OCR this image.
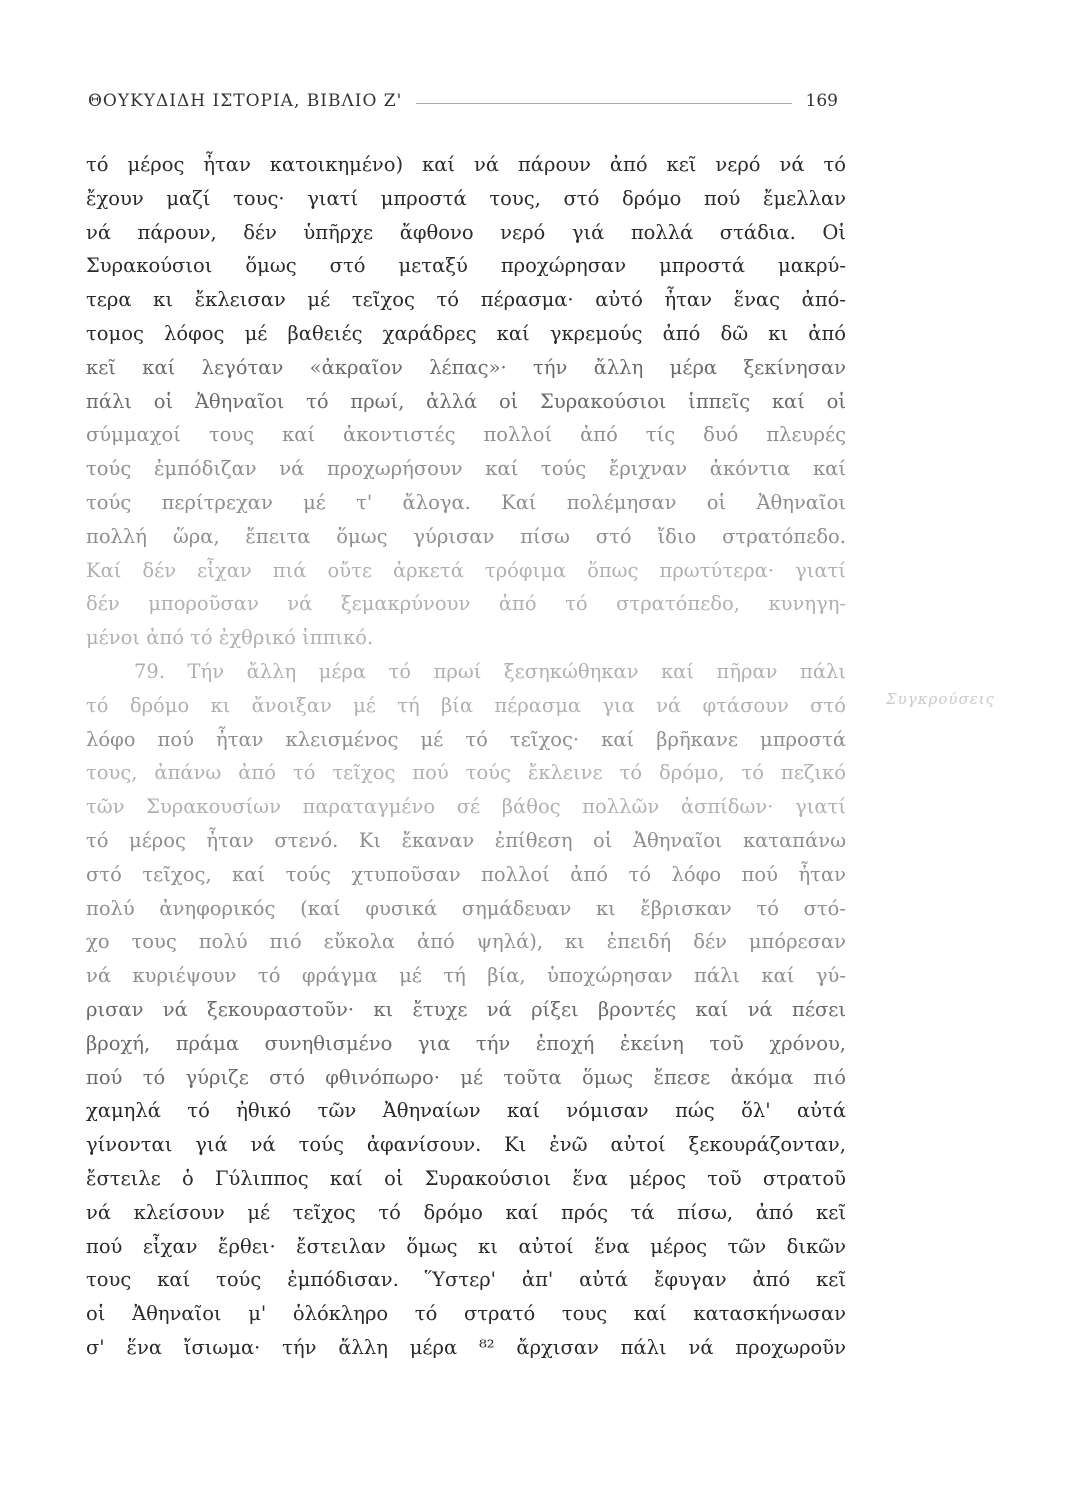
ΘΟΥΚΥΔΙΔΗ ΙΣΤΟΡΙΑ, ΒΙΒΛΙΟ Ζ'	169
Συγκρούσεις
τό μέρος ἦταν κατοικημένο) καί νά πάρουν ἀπό κεῖ νερό νά τό
ἔχουν μαζί τους· γιατί μπροστά τους, στό δρόμο πού ἔμελλαν
νά πάρουν, δέν ὑπῆρχε ἄφθονο νερό γιά πολλά στάδια. Οἱ
Συρακούσιοι ὅμως στό μεταξύ προχώρησαν μπροστά μακρύ-
τερα κι ἔκλεισαν μέ τεῖχος τό πέρασμα· αὐτό ἦταν ἕνας ἀπό-
τομος λόφος μέ βαθειές χαράδρες καί γκρεμούς ἀπό δῶ κι ἀπό
κεῖ καί λεγόταν «ἀκραῖον λέπας»· τήν ἄλλη μέρα ξεκίνησαν
πάλι οἱ Ἀθηναῖοι τό πρωί, ἀλλά οἱ Συρακούσιοι ἱππεῖς καί οἱ
σύμμαχοί τους καί ἀκοντιστές πολλοί ἀπό τίς δυό πλευρές
τούς ἐμπόδιζαν νά προχωρήσουν καί τούς ἔριχναν ἀκόντια καί
τούς περίτρεχαν μέ τ' ἄλογα. Καί πολέμησαν οἱ Ἀθηναῖοι
πολλή ὥρα, ἔπειτα ὅμως γύρισαν πίσω στό ἴδιο στρατόπεδο.
Καί δέν εἶχαν πιά οὔτε ἀρκετά τρόφιμα ὅπως πρωτύτερα· γιατί
δέν μποροῦσαν νά ξεμακρύνουν ἀπό τό στρατόπεδο, κυνηγη-
μένοι ἀπό τό ἐχθρικό ἱππικό.
79. Τήν ἄλλη μέρα τό πρωί ξεσηκώθηκαν καί πῆραν πάλι
τό δρόμο κι ἄνοιξαν μέ τή βία πέρασμα για νά φτάσουν στό
λόφο πού ἦταν κλεισμένος μέ τό τεῖχος· καί βρῆκανε μπροστά
τους, ἀπάνω ἀπό τό τεῖχος πού τούς ἔκλεινε τό δρόμο, τό πεζικό
τῶν Συρακουσίων παραταγμένο σέ βάθος πολλῶν ἀσπίδων· γιατί
τό μέρος ἦταν στενό. Κι ἔκαναν ἐπίθεση οἱ Ἀθηναῖοι καταπάνω
στό τεῖχος, καί τούς χτυποῦσαν πολλοί ἀπό τό λόφο πού ἦταν
πολύ ἀνηφορικός (καί φυσικά σημάδευαν κι ἔβρισκαν τό στό-
χο τους πολύ πιό εὔκολα ἀπό ψηλά), κι ἐπειδή δέν μπόρεσαν
νά κυριέψουν τό φράγμα μέ τή βία, ὑποχώρησαν πάλι καί γύ-
ρισαν νά ξεκουραστοῦν· κι ἔτυχε νά ρίξει βροντές καί νά πέσει
βροχή, πράμα συνηθισμένο για τήν ἐποχή ἐκείνη τοῦ χρόνου,
πού τό γύριζε στό φθινόπωρο· μέ τοῦτα ὅμως ἔπεσε ἀκόμα πιό
χαμηλά τό ἠθικό τῶν Ἀθηναίων καί νόμισαν πώς ὅλ' αὐτά
γίνονται γιά νά τούς ἀφανίσουν. Κι ἐνῶ αὐτοί ξεκουράζονταν,
ἔστειλε ὁ Γύλιππος καί οἱ Συρακούσιοι ἕνα μέρος τοῦ στρατοῦ
νά κλείσουν μέ τεῖχος τό δρόμο καί πρός τά πίσω, ἀπό κεῖ
πού εἶχαν ἔρθει· ἔστειλαν ὅμως κι αὐτοί ἕνα μέρος τῶν δικῶν
τους καί τούς ἐμπόδισαν. Ὕστερ' ἀπ' αὐτά ἔφυγαν ἀπό κεῖ
οἱ Ἀθηναῖοι μ' ὁλόκληρο τό στρατό τους καί κατασκήνωσαν
σ' ἕνα ἴσιωμα· τήν ἄλλη μέρα ⁸² ἄρχισαν πάλι νά προχωροῦν
